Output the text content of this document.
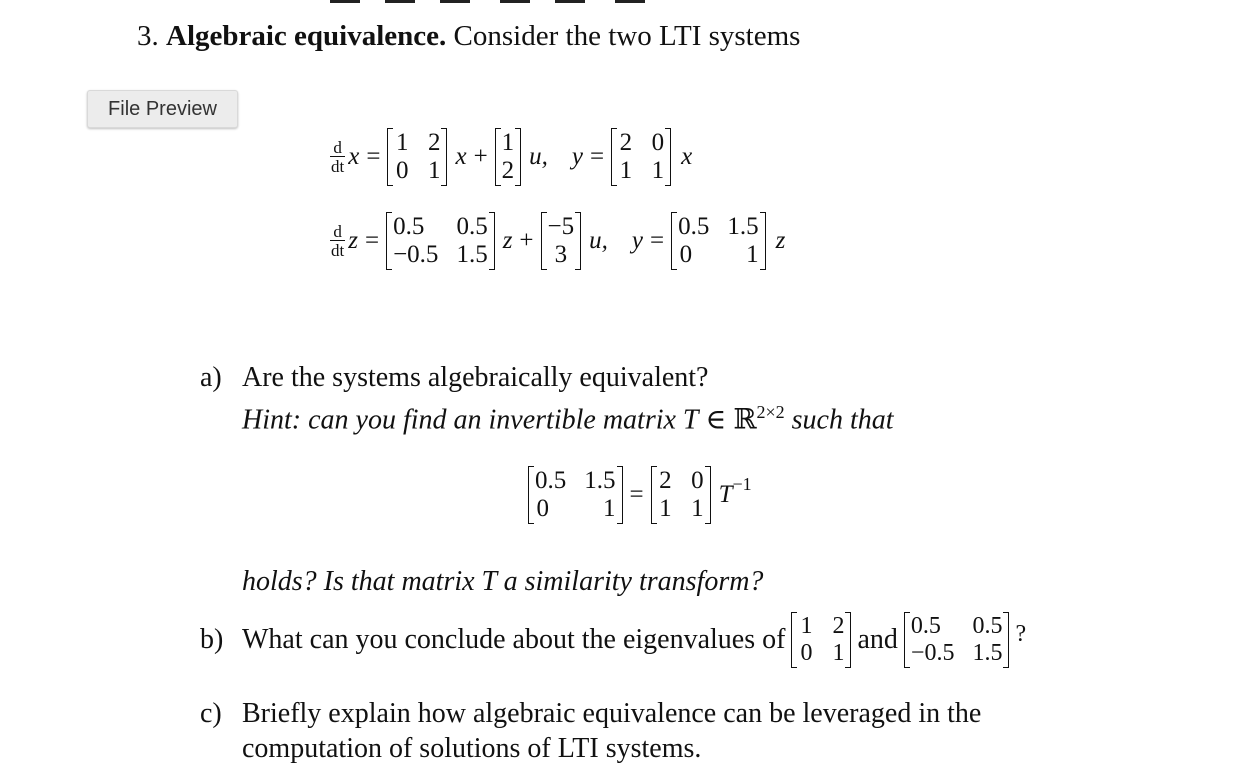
3. Algebraic equivalence. Consider the two LTI systems
File Preview
$\frac{d}{dt}$ x =
1 2
0 1
x +
1
2
u, y =
2 0
1 1
x
$\frac{d}{dt}$ z =
0.5 0.5
−0.5 1.5
z +
−5
3
u, y =
0.5 1.5
0 1
z
a) Are the systems algebraically equivalent?
Hint: can you find an invertible matrix T ∈ ℝ$^{2\times 2}$ such that
0.5 1.5
0 1
=
2 0
1 1
$T^{-1}$
holds? Is that matrix T a similarity transform?
b) What can you conclude about the eigenvalues of 1 2
0 1 and 0.5 0.5
−0.5 1.5
?
c) Briefly explain how algebraic equivalence can be leveraged in the
computation of solutions of LTI systems.
